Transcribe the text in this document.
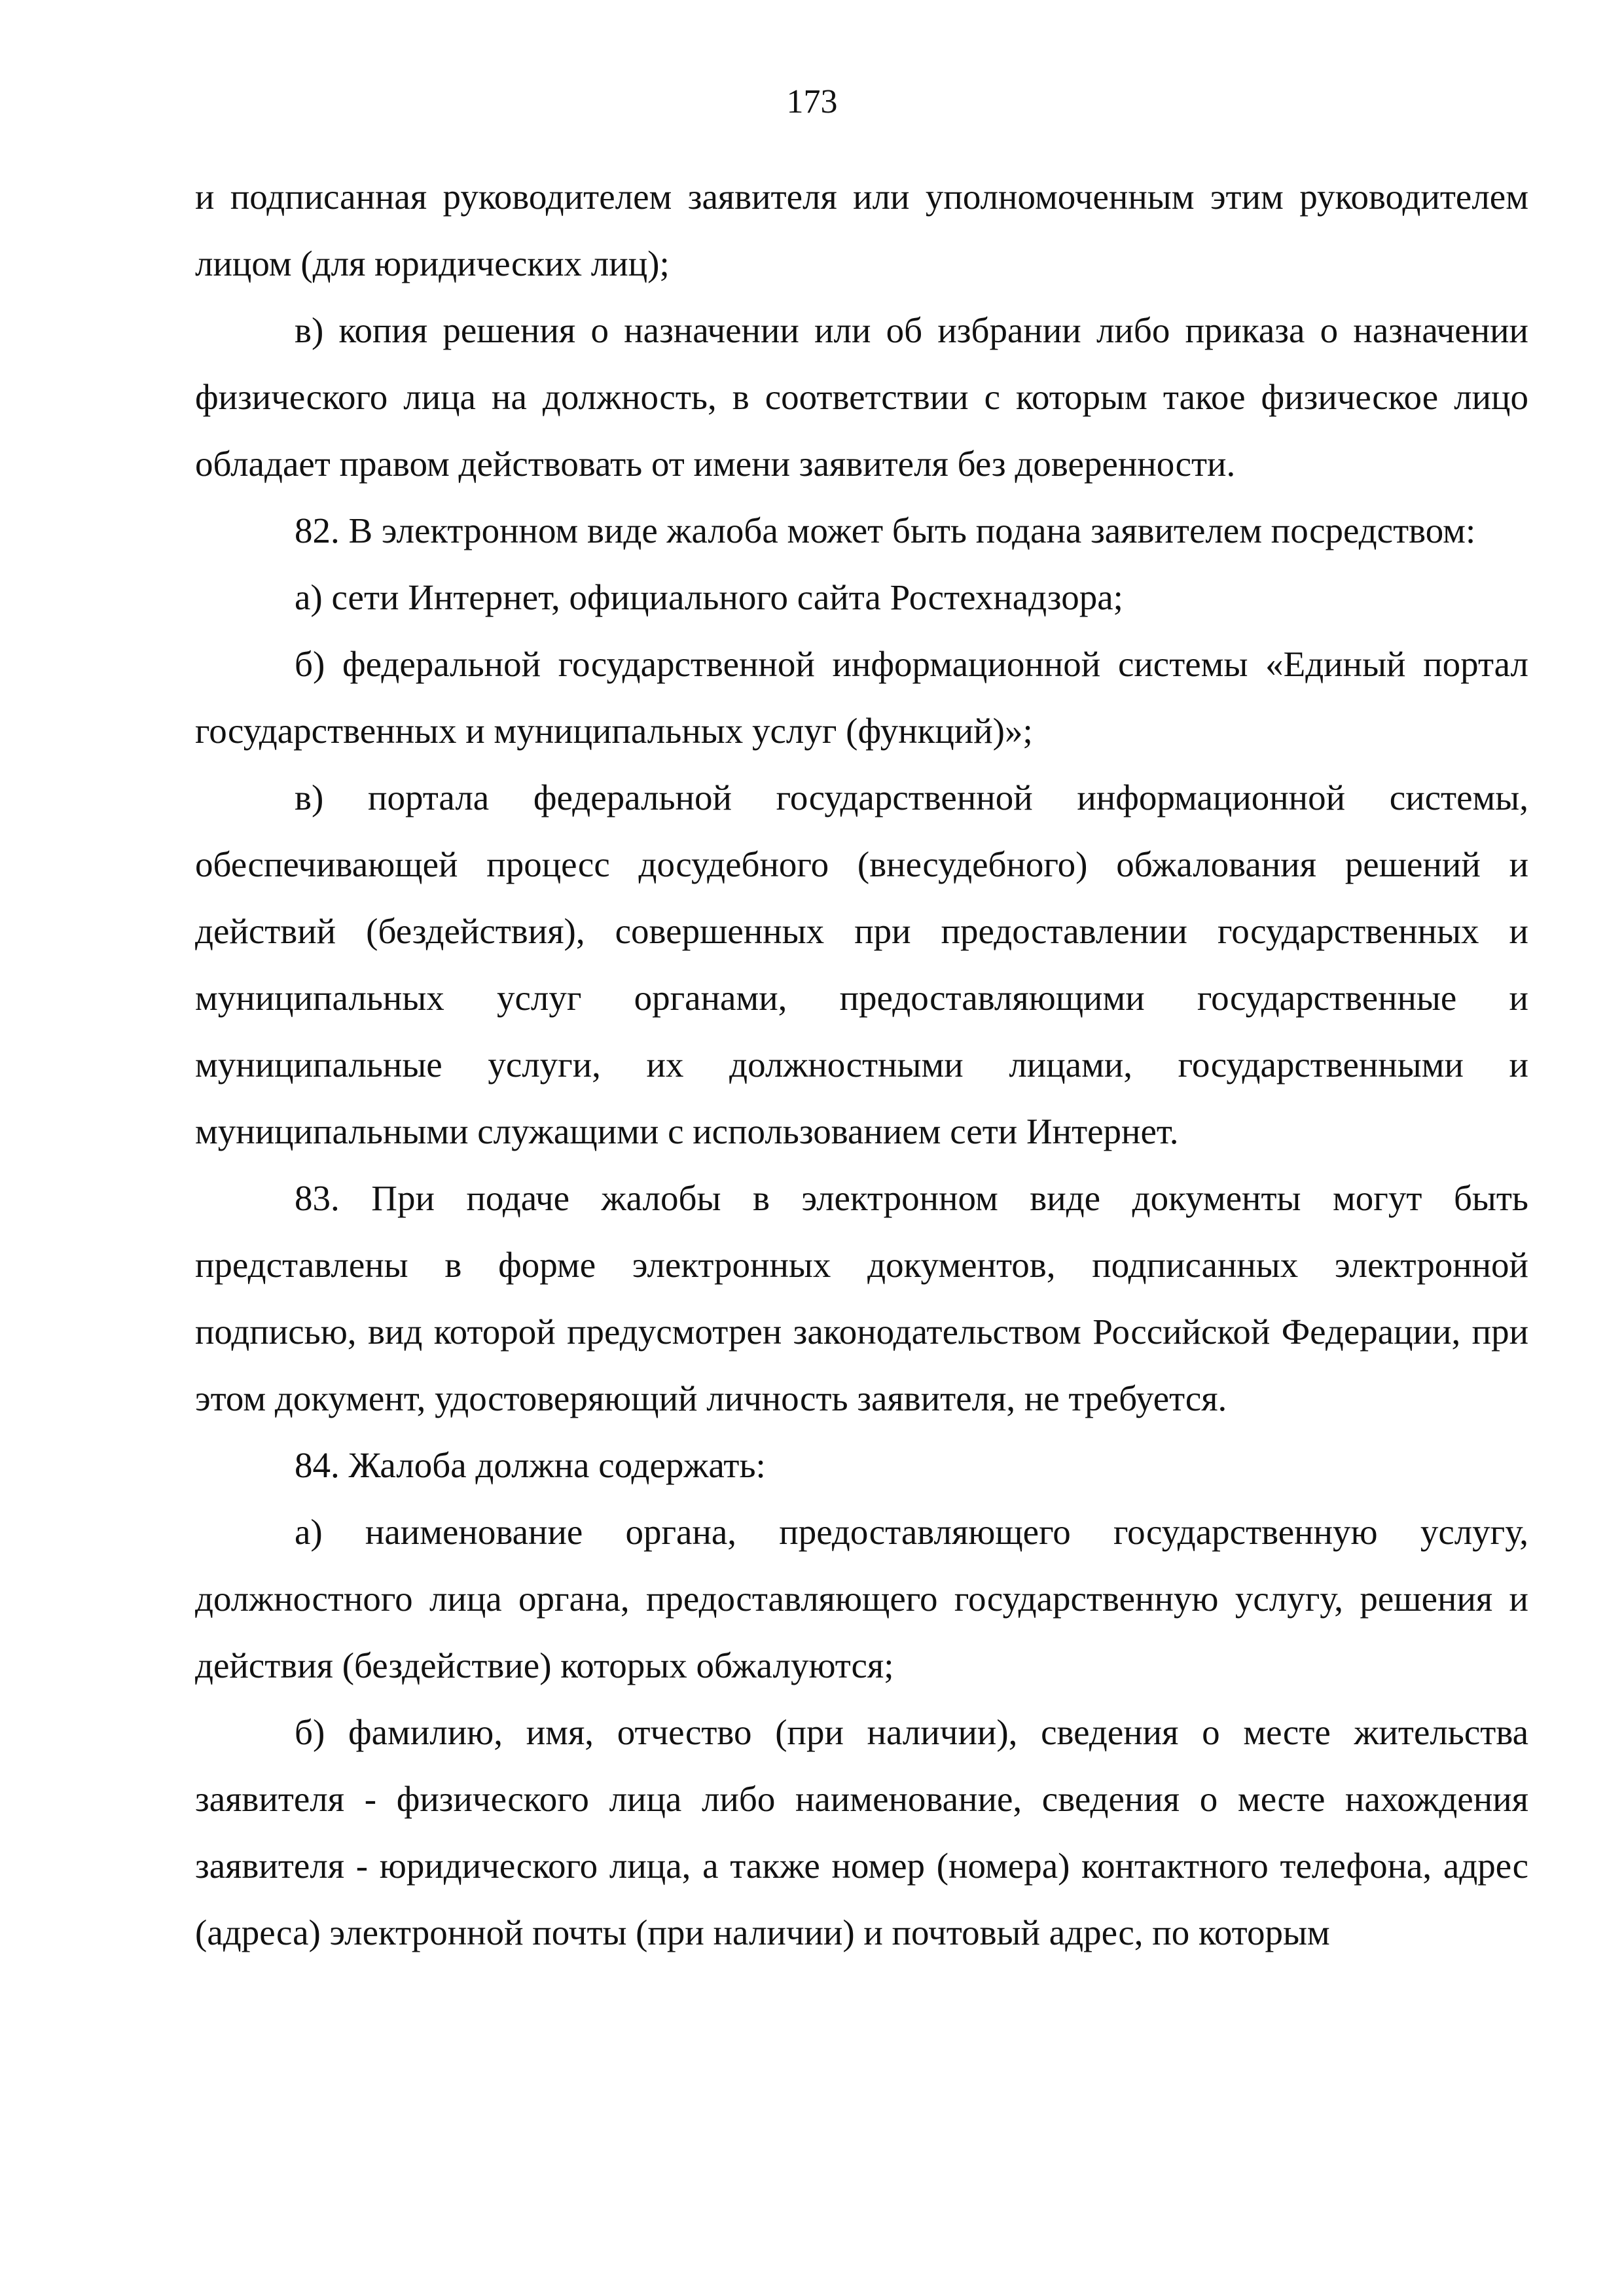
173

и подписанная руководителем заявителя или уполномоченным этим руководителем лицом (для юридических лиц);

в) копия решения о назначении или об избрании либо приказа о назначении физического лица на должность, в соответствии с которым такое физическое лицо обладает правом действовать от имени заявителя без доверенности.

82. В электронном виде жалоба может быть подана заявителем посредством:

а) сети Интернет, официального сайта Ростехнадзора;

б) федеральной государственной информационной системы «Единый портал государственных и муниципальных услуг (функций)»;

в) портала федеральной государственной информационной системы, обеспечивающей процесс досудебного (внесудебного) обжалования решений и действий (бездействия), совершенных при предоставлении государственных и муниципальных услуг органами, предоставляющими государственные и муниципальные услуги, их должностными лицами, государственными и муниципальными служащими с использованием сети Интернет.

83. При подаче жалобы в электронном виде документы могут быть представлены в форме электронных документов, подписанных электронной подписью, вид которой предусмотрен законодательством Российской Федерации, при этом документ, удостоверяющий личность заявителя, не требуется.

84. Жалоба должна содержать:

а) наименование органа, предоставляющего государственную услугу, должностного лица органа, предоставляющего государственную услугу, решения и действия (бездействие) которых обжалуются;

б) фамилию, имя, отчество (при наличии), сведения о месте жительства заявителя - физического лица либо наименование, сведения о месте нахождения заявителя - юридического лица, а также номер (номера) контактного телефона, адрес (адреса) электронной почты (при наличии) и почтовый адрес, по которым
